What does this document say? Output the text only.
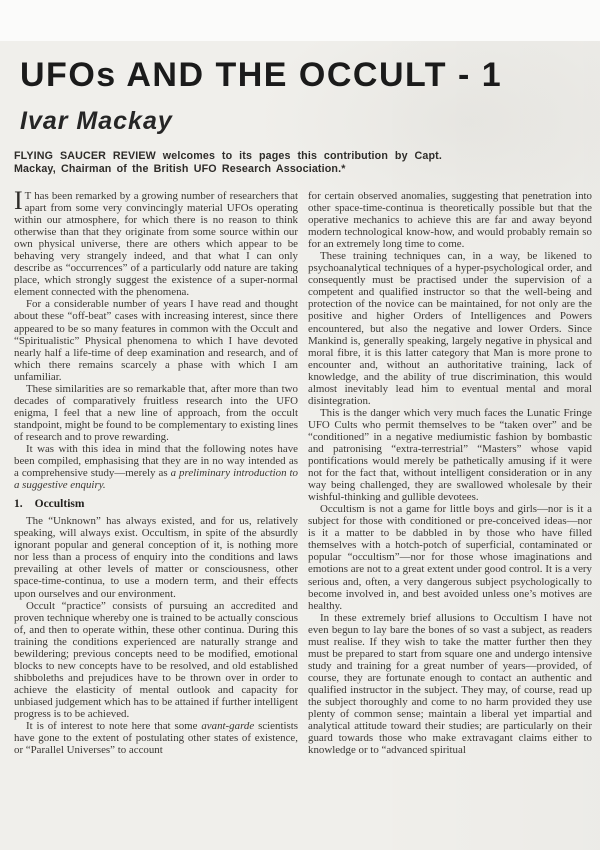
UFOs AND THE OCCULT - 1
Ivar Mackay

FLYING SAUCER REVIEW welcomes to its pages this contribution by Capt. Mackay, Chairman of the British UFO Research Association.*

I T has been remarked by a growing number of researchers that apart from some very convincingly material UFOs operating within our atmosphere, for which there is no reason to think otherwise than that they originate from some source within our own physical universe, there are others which appear to be behaving very strangely indeed, and that what I can only describe as “occurrences” of a particularly odd nature are taking place, which strongly suggest the existence of a super-normal element connected with the phenomena.

For a considerable number of years I have read and thought about these “off-beat” cases with increasing interest, since there appeared to be so many features in common with the Occult and “Spiritualistic” Physical phenomena to which I have devoted nearly half a life-time of deep examination and research, and of which there remains scarcely a phase with which I am unfamiliar.

These similarities are so remarkable that, after more than two decades of comparatively fruitless research into the UFO enigma, I feel that a new line of approach, from the occult standpoint, might be found to be complementary to existing lines of research and to prove rewarding.

It was with this idea in mind that the following notes have been compiled, emphasising that they are in no way intended as a comprehensive study—merely as a preliminary introduction to a suggestive enquiry.

1. Occultism

The “Unknown” has always existed, and for us, relatively speaking, will always exist. Occultism, in spite of the absurdly ignorant popular and general conception of it, is nothing more nor less than a process of enquiry into the conditions and laws prevailing at other levels of matter or consciousness, other space-time-continua, to use a modern term, and their effects upon ourselves and our environment.

Occult “practice” consists of pursuing an accredited and proven technique whereby one is trained to be actually conscious of, and then to operate within, these other continua. During this training the conditions experienced are naturally strange and bewildering; previous concepts need to be modified, emotional blocks to new concepts have to be resolved, and old established shibboleths and prejudices have to be thrown over in order to achieve the elasticity of mental outlook and capacity for unbiased judgement which has to be attained if further intelligent progress is to be achieved.

It is of interest to note here that some avant-garde scientists have gone to the extent of postulating other states of existence, or “Parallel Universes” to account

for certain observed anomalies, suggesting that penetration into other space-time-continua is theoretically possible but that the operative mechanics to achieve this are far and away beyond modern technological know-how, and would probably remain so for an extremely long time to come.

These training techniques can, in a way, be likened to psychoanalytical techniques of a hyper-psychological order, and consequently must be practised under the supervision of a competent and qualified instructor so that the well-being and protection of the novice can be maintained, for not only are the positive and higher Orders of Intelligences and Powers encountered, but also the negative and lower Orders. Since Mankind is, generally speaking, largely negative in physical and moral fibre, it is this latter category that Man is more prone to encounter and, without an authoritative training, lack of knowledge, and the ability of true discrimination, this would almost inevitably lead him to eventual mental and moral disintegration.

This is the danger which very much faces the Lunatic Fringe UFO Cults who permit themselves to be “taken over” and be “conditioned” in a negative mediumistic fashion by bombastic and patronising “extra-terrestrial” “Masters” whose vapid pontifications would merely be pathetically amusing if it were not for the fact that, without intelligent consideration or in any way being challenged, they are swallowed wholesale by their wishful-thinking and gullible devotees.

Occultism is not a game for little boys and girls—nor is it a subject for those with conditioned or pre-conceived ideas—nor is it a matter to be dabbled in by those who have filled themselves with a hotch-potch of superficial, contaminated or popular “occultism”—nor for those whose imaginations and emotions are not to a great extent under good control. It is a very serious and, often, a very dangerous subject psychologically to become involved in, and best avoided unless one’s motives are healthy.

In these extremely brief allusions to Occultism I have not even begun to lay bare the bones of so vast a subject, as readers must realise. If they wish to take the matter further then they must be prepared to start from square one and undergo intensive study and training for a great number of years—provided, of course, they are fortunate enough to contact an authentic and qualified instructor in the subject. They may, of course, read up the subject thoroughly and come to no harm provided they use plenty of common sense; maintain a liberal yet impartial and analytical attitude toward their studies; are particularly on their guard towards those who make extravagant claims either to knowledge or to “advanced spiritual
